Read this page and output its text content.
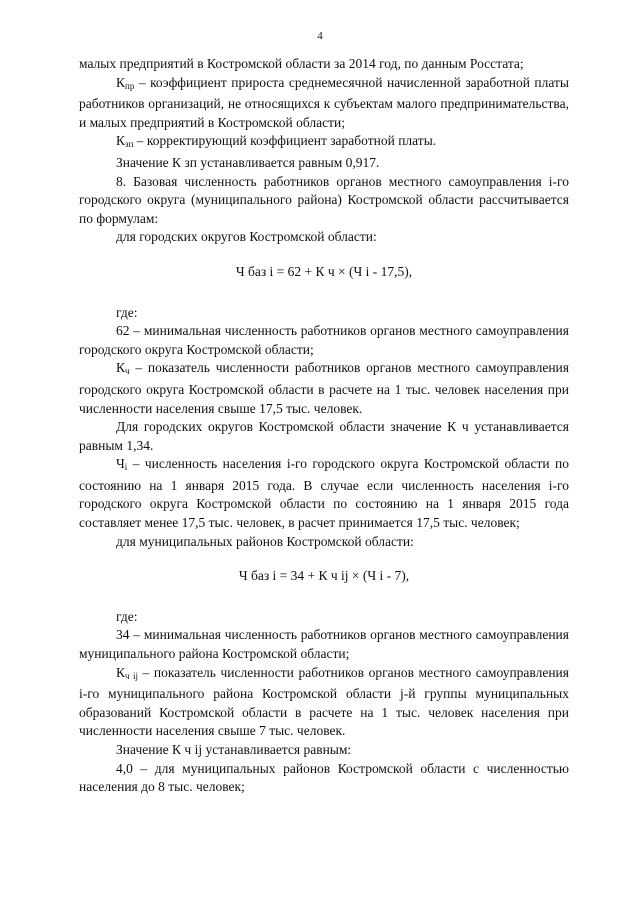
4

малых предприятий в Костромской области за 2014 год, по данным Росстата;

Кпр – коэффициент прироста среднемесячной начисленной заработной платы работников организаций, не относящихся к субъектам малого предпринимательства, и малых предприятий в Костромской области;

Кзп – корректирующий коэффициент заработной платы.

Значение К зп устанавливается равным 0,917.

8. Базовая численность работников органов местного самоуправления i-го городского округа (муниципального района) Костромской области рассчитывается по формулам:

для городских округов Костромской области:

Ч баз i = 62 + К ч × (Ч i - 17,5),

где:

62 – минимальная численность работников органов местного самоуправления городского округа Костромской области;

Кч – показатель численности работников органов местного самоуправления городского округа Костромской области в расчете на 1 тыс. человек населения при численности населения свыше 17,5 тыс. человек.

Для городских округов Костромской области значение К ч устанавливается равным 1,34.

Чi – численность населения i-го городского округа Костромской области по состоянию на 1 января 2015 года. В случае если численность населения i-го городского округа Костромской области по состоянию на 1 января 2015 года составляет менее 17,5 тыс. человек, в расчет принимается 17,5 тыс. человек;

для муниципальных районов Костромской области:

Ч баз i = 34 + К ч ij × (Ч i - 7),

где:

34 – минимальная численность работников органов местного самоуправления муниципального района Костромской области;

Кч ij – показатель численности работников органов местного самоуправления i-го муниципального района Костромской области j-й группы муниципальных образований Костромской области в расчете на 1 тыс. человек населения при численности населения свыше 7 тыс. человек.

Значение К ч ij устанавливается равным:

4,0 – для муниципальных районов Костромской области с численностью населения до 8 тыс. человек;
